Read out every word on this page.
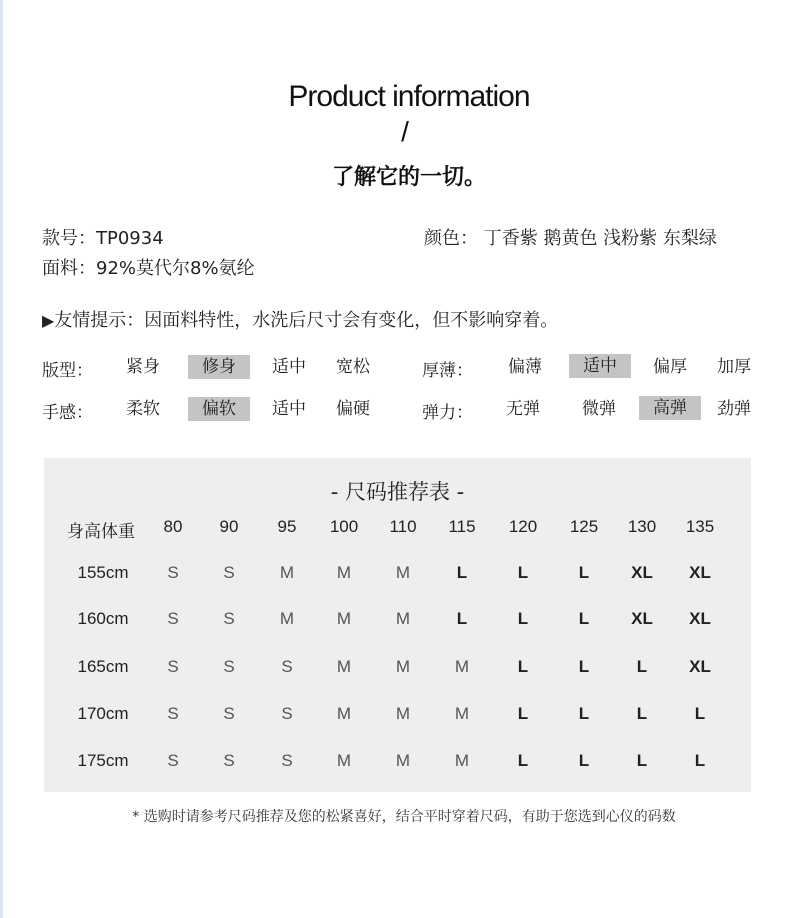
Product information
/
了解它的一切。
款号：TP0934	颜色： 丁香紫 鹅黄色 浅粉紫 东梨绿
面料：92%莫代尔8%氨纶
▶友情提示：因面料特性，水洗后尺寸会有变化，但不影响穿着。
版型：	紧身	修身	适中	宽松	厚薄：	偏薄	适中	偏厚	加厚
手感：	柔软	偏软	适中	偏硬	弹力：	无弹	微弹	高弹	劲弹
- 尺码推荐表 -
身高体重	80	90	95	100	110	115	120	125	130	135
155cm	S	S	M	M	M	L	L	L	XL	XL
160cm	S	S	M	M	M	L	L	L	XL	XL
165cm	S	S	S	M	M	M	L	L	L	XL
170cm	S	S	S	M	M	M	L	L	L	L
175cm	S	S	S	M	M	M	L	L	L	L
* 选购时请参考尺码推荐及您的松紧喜好，结合平时穿着尺码，有助于您选到心仪的码数
